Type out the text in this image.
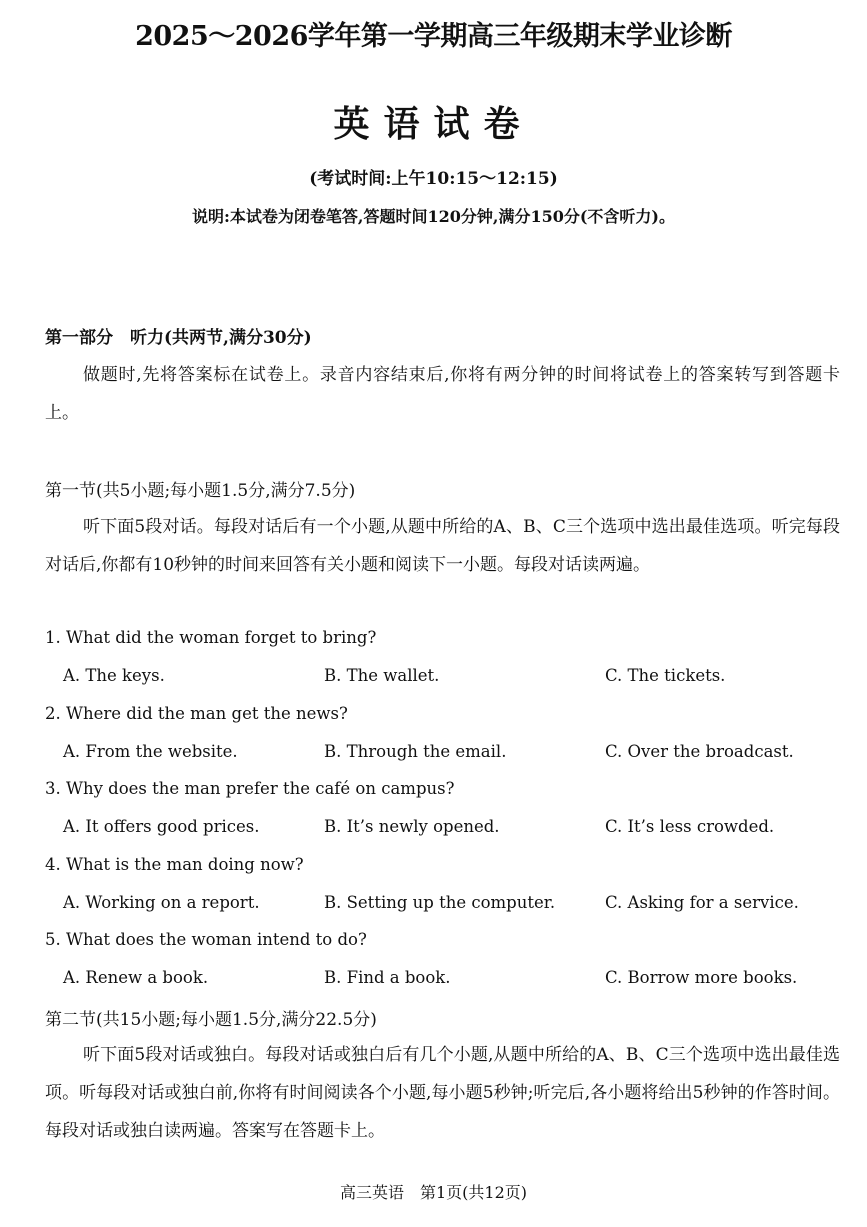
2025～2026学年第一学期高三年级期末学业诊断
英语试卷
(考试时间:上午10:15～12:15)
说明:本试卷为闭卷笔答,答题时间120分钟,满分150分(不含听力)。
第一部分　听力(共两节,满分30分)
做题时,先将答案标在试卷上。录音内容结束后,你将有两分钟的时间将试卷上的答案转写到答题卡上。
第一节(共5小题;每小题1.5分,满分7.5分)
听下面5段对话。每段对话后有一个小题,从题中所给的A、B、C三个选项中选出最佳选项。听完每段对话后,你都有10秒钟的时间来回答有关小题和阅读下一小题。每段对话读两遍。
1. What did the woman forget to bring?
A. The keys.	B. The wallet.	C. The tickets.
2. Where did the man get the news?
A. From the website.	B. Through the email.	C. Over the broadcast.
3. Why does the man prefer the café on campus?
A. It offers good prices.	B. It’s newly opened.	C. It’s less crowded.
4. What is the man doing now?
A. Working on a report.	B. Setting up the computer.	C. Asking for a service.
5. What does the woman intend to do?
A. Renew a book.	B. Find a book.	C. Borrow more books.
第二节(共15小题;每小题1.5分,满分22.5分)
听下面5段对话或独白。每段对话或独白后有几个小题,从题中所给的A、B、C三个选项中选出最佳选项。听每段对话或独白前,你将有时间阅读各个小题,每小题5秒钟;听完后,各小题将给出5秒钟的作答时间。每段对话或独白读两遍。答案写在答题卡上。
高三英语　第1页(共12页)
